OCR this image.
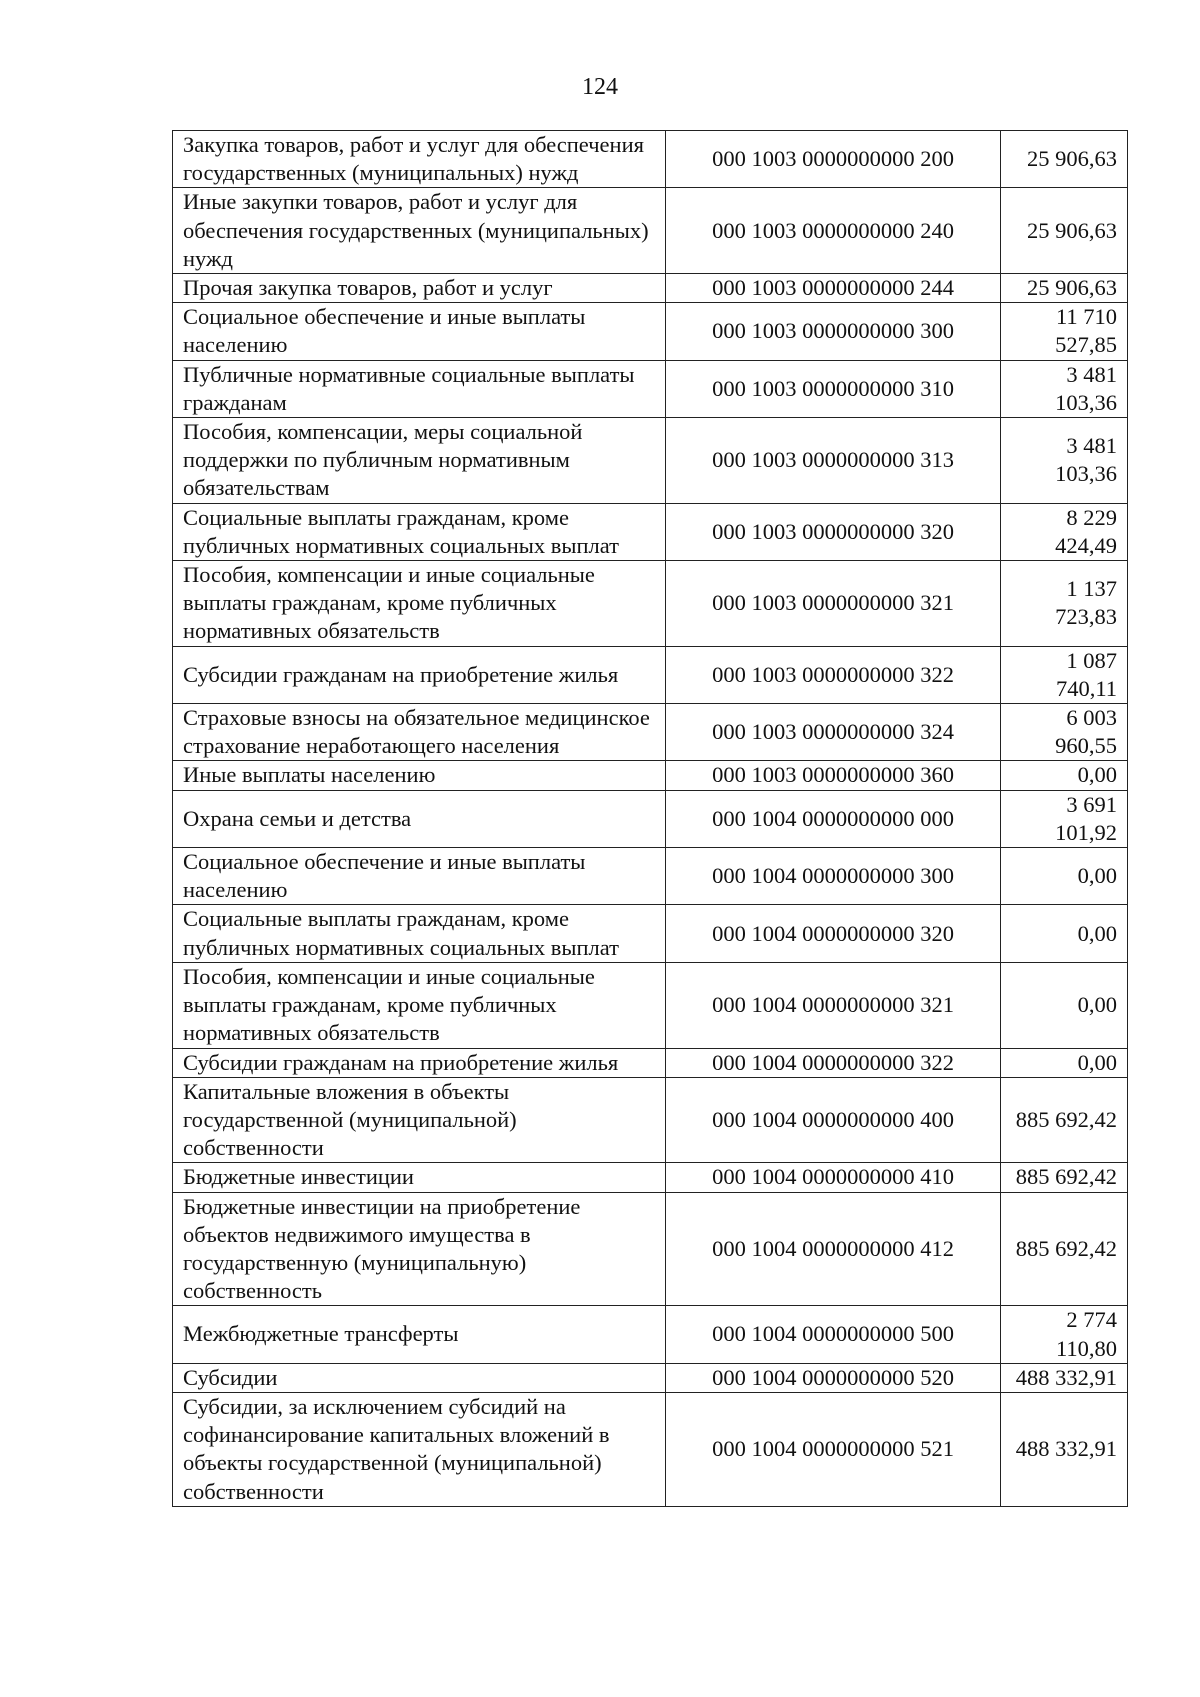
124
Закупка товаров, работ и услуг для обеспечения государственных (муниципальных) нужд	000 1003 0000000000 200	25 906,63
Иные закупки товаров, работ и услуг для обеспечения государственных (муниципальных) нужд	000 1003 0000000000 240	25 906,63
Прочая закупка товаров, работ и услуг	000 1003 0000000000 244	25 906,63
Социальное обеспечение и иные выплаты населению	000 1003 0000000000 300	11 710 527,85
Публичные нормативные социальные выплаты гражданам	000 1003 0000000000 310	3 481 103,36
Пособия, компенсации, меры социальной поддержки по публичным нормативным обязательствам	000 1003 0000000000 313	3 481 103,36
Социальные выплаты гражданам, кроме публичных нормативных социальных выплат	000 1003 0000000000 320	8 229 424,49
Пособия, компенсации и иные социальные выплаты гражданам, кроме публичных нормативных обязательств	000 1003 0000000000 321	1 137 723,83
Субсидии гражданам на приобретение жилья	000 1003 0000000000 322	1 087 740,11
Страховые взносы на обязательное медицинское страхование неработающего населения	000 1003 0000000000 324	6 003 960,55
Иные выплаты населению	000 1003 0000000000 360	0,00
Охрана семьи и детства	000 1004 0000000000 000	3 691 101,92
Социальное обеспечение и иные выплаты населению	000 1004 0000000000 300	0,00
Социальные выплаты гражданам, кроме публичных нормативных социальных выплат	000 1004 0000000000 320	0,00
Пособия, компенсации и иные социальные выплаты гражданам, кроме публичных нормативных обязательств	000 1004 0000000000 321	0,00
Субсидии гражданам на приобретение жилья	000 1004 0000000000 322	0,00
Капитальные вложения в объекты государственной (муниципальной) собственности	000 1004 0000000000 400	885 692,42
Бюджетные инвестиции	000 1004 0000000000 410	885 692,42
Бюджетные инвестиции на приобретение объектов недвижимого имущества в государственную (муниципальную) собственность	000 1004 0000000000 412	885 692,42
Межбюджетные трансферты	000 1004 0000000000 500	2 774 110,80
Субсидии	000 1004 0000000000 520	488 332,91
Субсидии, за исключением субсидий на софинансирование капитальных вложений в объекты государственной (муниципальной) собственности	000 1004 0000000000 521	488 332,91
